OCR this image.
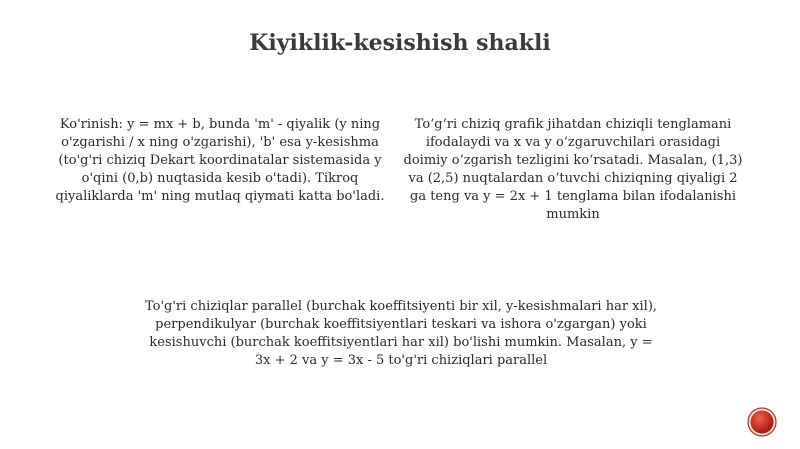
Kiyiklik-kesishish shakli
Ko'rinish: y = mx + b, bunda 'm' - qiyalik (y ning o'zgarishi / x ning o'zgarishi), 'b' esa y-kesishma (to'g'ri chiziq Dekart koordinatalar sistemasida y o'qini (0,b) nuqtasida kesib o'tadi). Tikroq qiyaliklarda 'm' ning mutlaq qiymati katta bo'ladi.
To‘g‘ri chiziq grafik jihatdan chiziqli tenglamani ifodalaydi va x va y o‘zgaruvchilari orasidagi doimiy o‘zgarish tezligini ko‘rsatadi. Masalan, (1,3) va (2,5) nuqtalardan o‘tuvchi chiziqning qiyaligi 2 ga teng va y = 2x + 1 tenglama bilan ifodalanishi mumkin
To'g'ri chiziqlar parallel (burchak koeffitsiyenti bir xil, y-kesishmalari har xil), perpendikulyar (burchak koeffitsiyentlari teskari va ishora o'zgargan) yoki kesishuvchi (burchak koeffitsiyentlari har xil) bo'lishi mumkin. Masalan, y = 3x + 2 va y = 3x - 5 to'g'ri chiziqlari parallel
